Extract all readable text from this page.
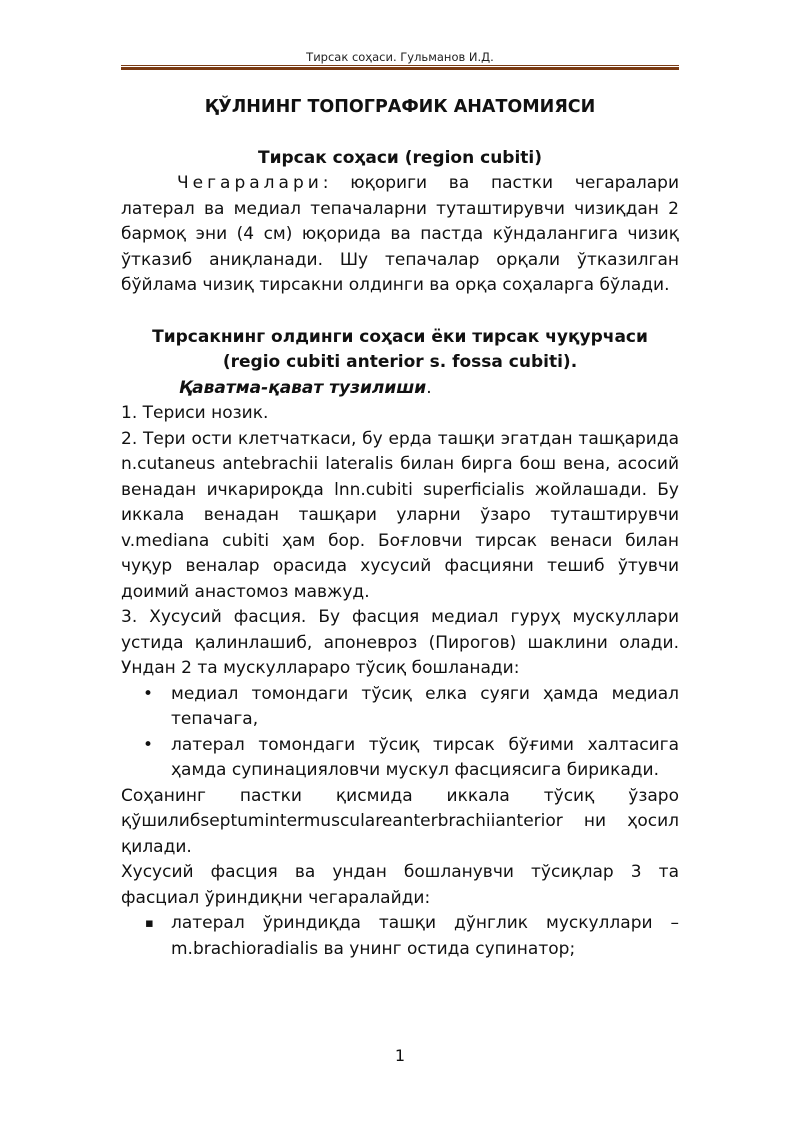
Тирсак соҳаси. Гульманов И.Д.

ҚЎЛНИНГ ТОПОГРАФИК АНАТОМИЯСИ

Тирсак соҳаси (region cubiti)

Чегаралари: юқориги ва пастки чегаралари латерал ва медиал тепачаларни туташтирувчи чизиқдан 2 бармоқ эни (4 см) юқорида ва пастда кўндалангига чизиқ ўтказиб аниқланади. Шу тепачалар орқали ўтказилган бўйлама чизиқ тирсакни олдинги ва орқа соҳаларга бўлади.

Тирсакнинг олдинги соҳаси ёки тирсак чуқурчаси

(regio cubiti anterior s. fossa cubiti).

Қаватма-қават тузилиши.

1. Териси нозик.

2. Тери ости клетчаткаси, бу ерда ташқи эгатдан ташқарида n.cutaneus antebrachii lateralis билан бирга бош вена, асосий венадан ичкарироқда lnn.cubiti superficialis жойлашади. Бу иккала венадан ташқари уларни ўзаро туташтирувчи v.mediana cubiti ҳам бор. Боғловчи тирсак венаси билан чуқур веналар орасида хусусий фасцияни тешиб ўтувчи доимий анастомоз мавжуд.

3. Хусусий фасция. Бу фасция медиал гуруҳ мускуллари устида қалинлашиб, апоневроз (Пирогов) шаклини олади. Ундан 2 та мускулларaро тўсиқ бошланади:

• медиал томондаги тўсиқ елка суяги ҳамда медиал тепачага,
• латерал томондаги тўсиқ тирсак бўғими халтасига ҳамда супинацияловчи мускул фасциясига бирикади.

Соҳанинг пастки қисмида иккала тўсиқ ўзаро қўшилибseptumintermusculareanterbrachiianterior ни ҳосил қилади.

Хусусий фасция ва ундан бошланувчи тўсиқлар 3 та фасциал ўриндиқни чегаралайди:

▪ латерал ўриндиқда ташқи дўнглик мускуллари – m.brachioradialis ва унинг остида супинатор;
1
